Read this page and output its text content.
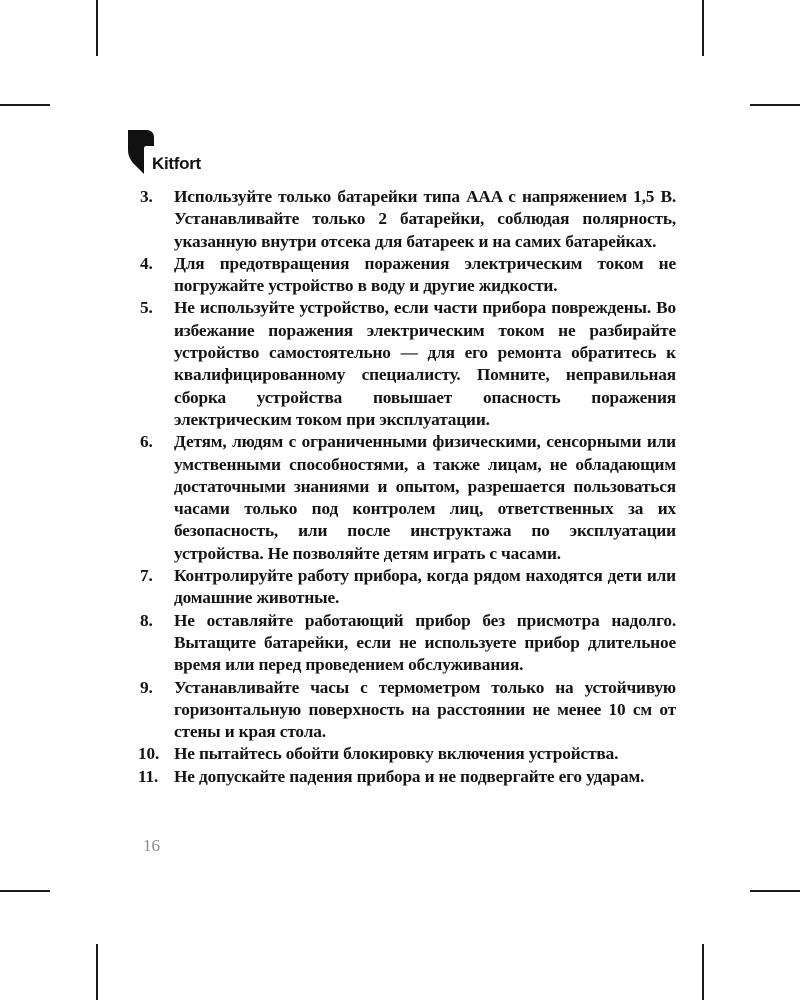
Kitfort
3. Используйте только батарейки типа AAA с напряжением 1,5 В. Устанавливайте только 2 батарейки, соблюдая полярность, указанную внутри отсека для батареек и на самих батарейках.
4. Для предотвращения поражения электрическим током не погружайте устройство в воду и другие жидкости.
5. Не используйте устройство, если части прибора повреждены. Во избежание поражения электрическим током не разбирайте устройство самостоятельно — для его ремонта обратитесь к квалифицированному специалисту. Помните, неправильная сборка устройства повышает опасность поражения электрическим током при эксплуатации.
6. Детям, людям с ограниченными физическими, сенсорными или умственными способностями, а также лицам, не обладающим достаточными знаниями и опытом, разрешается пользоваться часами только под контролем лиц, ответственных за их безопасность, или после инструктажа по эксплуатации устройства. Не позволяйте детям играть с часами.
7. Контролируйте работу прибора, когда рядом находятся дети или домашние животные.
8. Не оставляйте работающий прибор без присмотра надолго. Вытащите батарейки, если не используете прибор длительное время или перед проведением обслуживания.
9. Устанавливайте часы с термометром только на устойчивую горизонтальную поверхность на расстоянии не менее 10 см от стены и края стола.
10. Не пытайтесь обойти блокировку включения устройства.
11. Не допускайте падения прибора и не подвергайте его ударам.
16
